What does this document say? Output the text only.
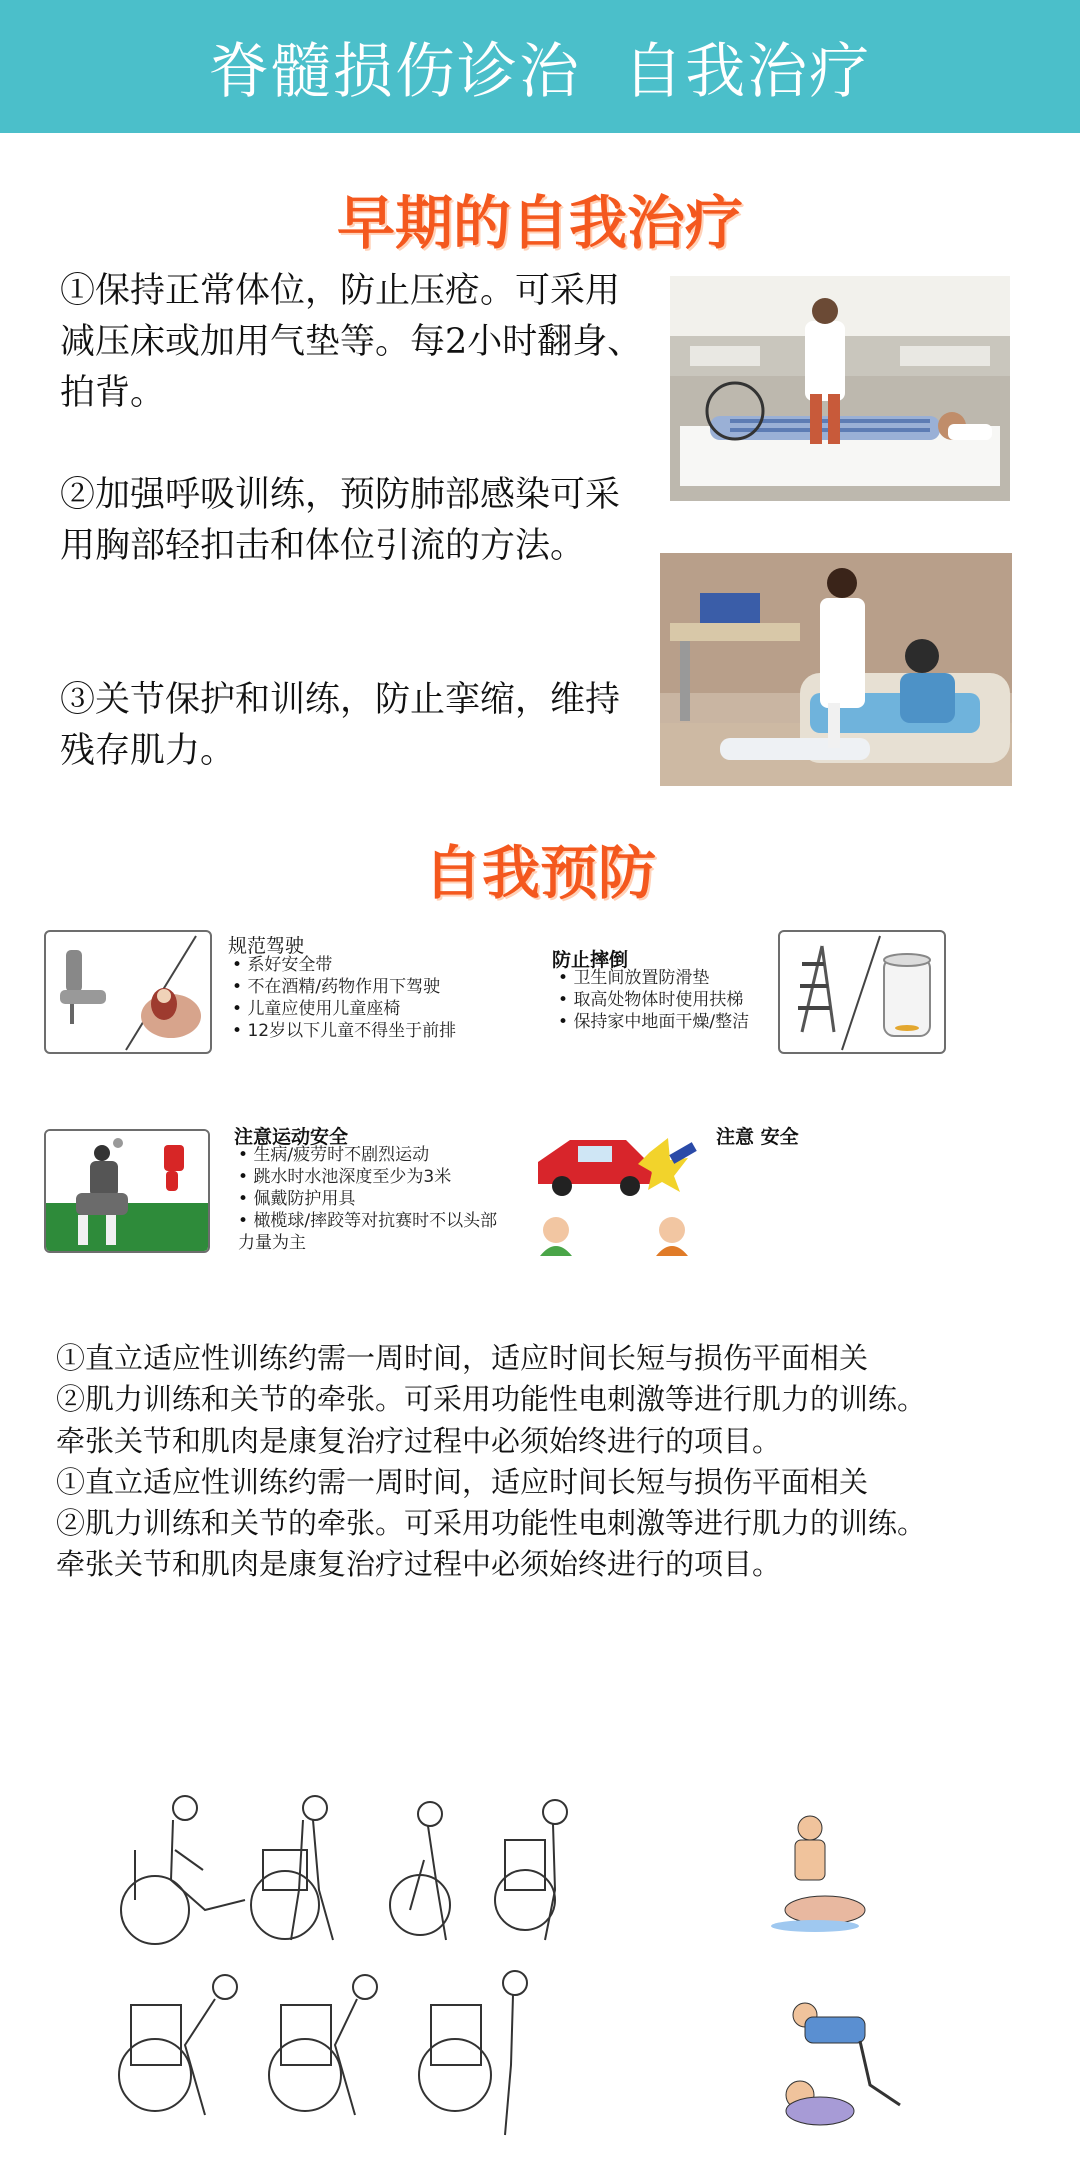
脊髓损伤诊治  自我治疗
早期的自我治疗
①保持正常体位，防止压疮。可采用减压床或加用气垫等。每2小时翻身、拍背。
②加强呼吸训练，预防肺部感染可采用胸部轻扣击和体位引流的方法。
③关节保护和训练，防止挛缩，维持残存肌力。
自我预防
规范驾驶
• 系好安全带
• 不在酒精/药物作用下驾驶
• 儿童应使用儿童座椅
• 12岁以下儿童不得坐于前排
防止摔倒
• 卫生间放置防滑垫
• 取高处物体时使用扶梯
• 保持家中地面干燥/整洁
注意运动安全
• 生病/疲劳时不剧烈运动
• 跳水时水池深度至少为3米
• 佩戴防护用具
• 橄榄球/摔跤等对抗赛时不以头部力量为主
注意 安全

①直立适应性训练约需一周时间，适应时间长短与损伤平面相关

②肌力训练和关节的牵张。可采用功能性电刺激等进行肌力的训练。牵张关节和肌肉是康复治疗过程中必须始终进行的项目。

①直立适应性训练约需一周时间，适应时间长短与损伤平面相关

②肌力训练和关节的牵张。可采用功能性电刺激等进行肌力的训练。牵张关节和肌肉是康复治疗过程中必须始终进行的项目。
